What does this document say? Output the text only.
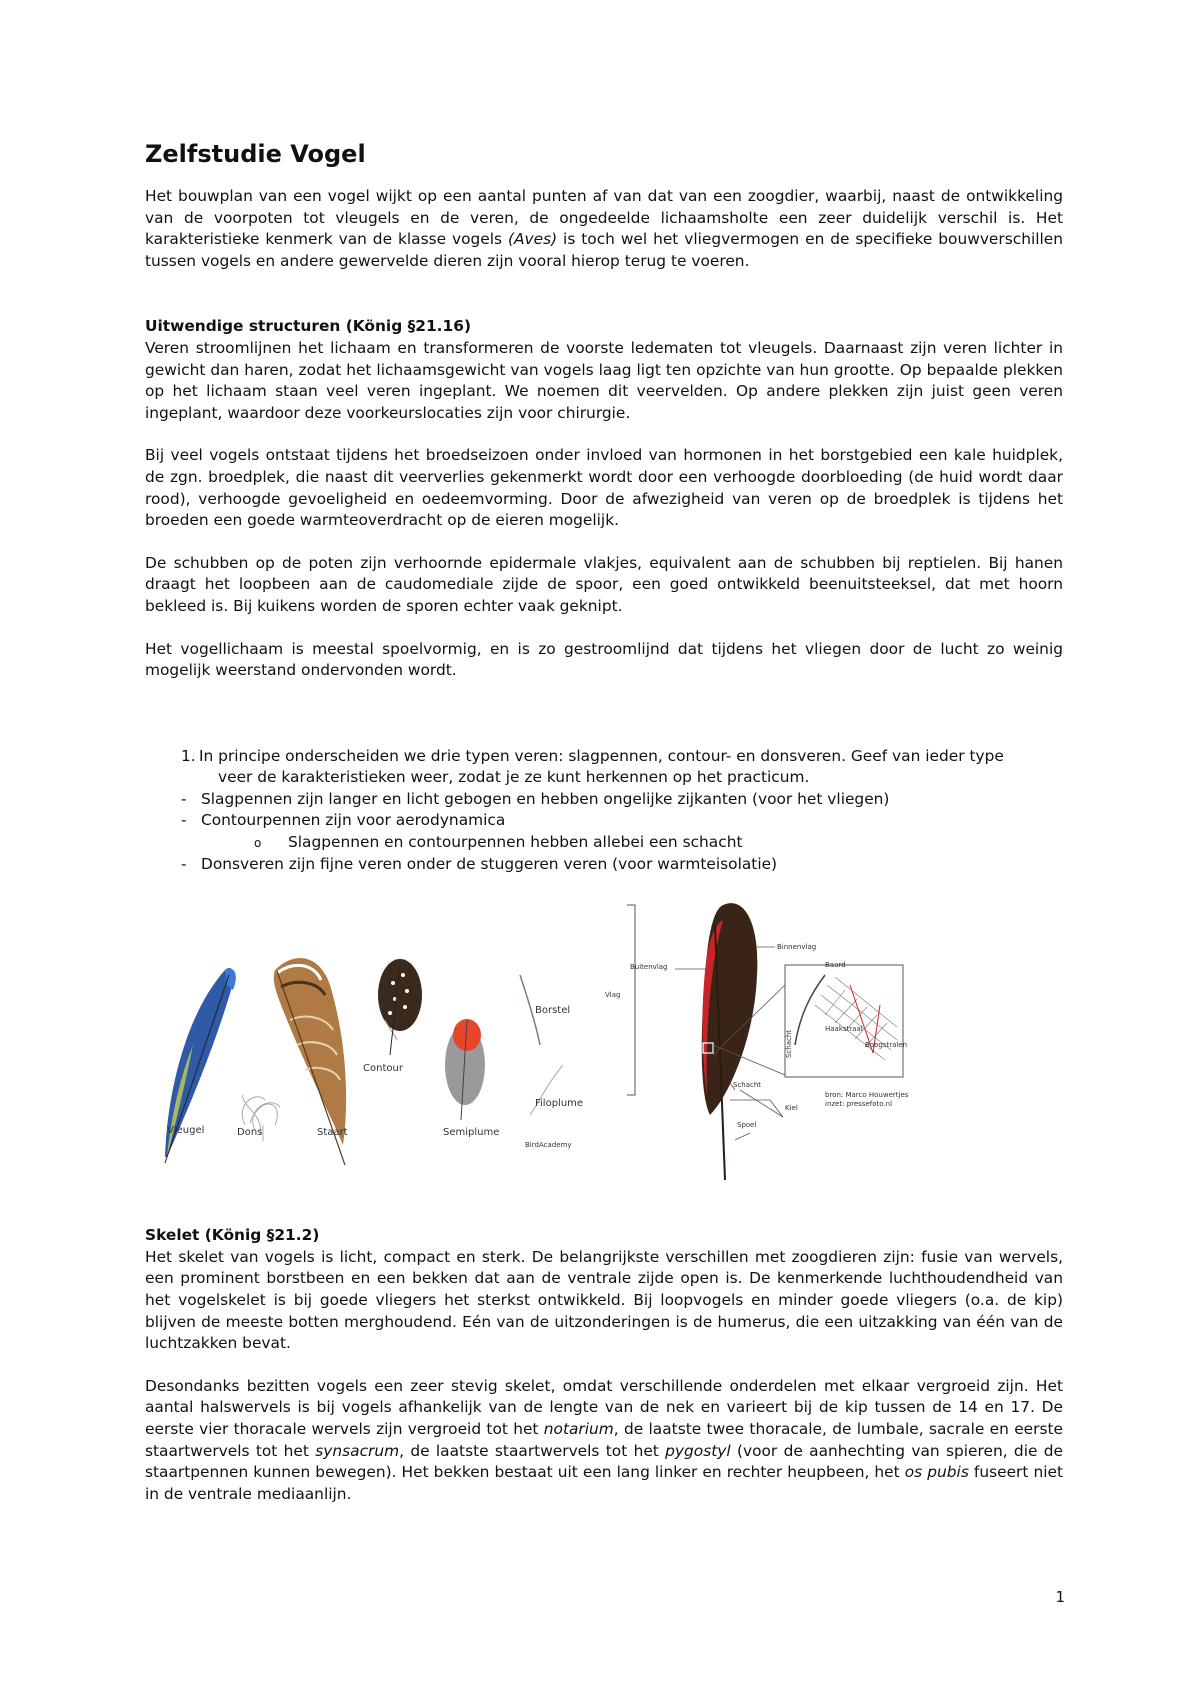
Zelfstudie Vogel

Het bouwplan van een vogel wijkt op een aantal punten af van dat van een zoogdier, waarbij, naast de ontwikkeling van de voorpoten tot vleugels en de veren, de ongedeelde lichaamsholte een zeer duidelijk verschil is. Het karakteristieke kenmerk van de klasse vogels (Aves) is toch wel het vliegvermogen en de specifieke bouwverschillen tussen vogels en andere gewervelde dieren zijn vooral hierop terug te voeren.

Uitwendige structuren (König §21.16)

Veren stroomlijnen het lichaam en transformeren de voorste ledematen tot vleugels. Daarnaast zijn veren lichter in gewicht dan haren, zodat het lichaamsgewicht van vogels laag ligt ten opzichte van hun grootte. Op bepaalde plekken op het lichaam staan veel veren ingeplant. We noemen dit veervelden. Op andere plekken zijn juist geen veren ingeplant, waardoor deze voorkeurslocaties zijn voor chirurgie.

Bij veel vogels ontstaat tijdens het broedseizoen onder invloed van hormonen in het borstgebied een kale huidplek, de zgn. broedplek, die naast dit veerverlies gekenmerkt wordt door een verhoogde doorbloeding (de huid wordt daar rood), verhoogde gevoeligheid en oedeemvorming. Door de afwezigheid van veren op de broedplek is tijdens het broeden een goede warmteoverdracht op de eieren mogelijk.

De schubben op de poten zijn verhoornde epidermale vlakjes, equivalent aan de schubben bij reptielen. Bij hanen draagt het loopbeen aan de caudomediale zijde de spoor, een goed ontwikkeld beenuitsteeksel, dat met hoorn bekleed is. Bij kuikens worden de sporen echter vaak geknipt.

Het vogellichaam is meestal spoelvormig, en is zo gestroomlijnd dat tijdens het vliegen door de lucht zo weinig mogelijk weerstand ondervonden wordt.

1. In principe onderscheiden we drie typen veren: slagpennen, contour- en donsveren. Geef van ieder type
veer de karakteristieken weer, zodat je ze kunt herkennen op het practicum.
- Slagpennen zijn langer en licht gebogen en hebben ongelijke zijkanten (voor het vliegen)
- Contourpennen zijn voor aerodynamica
o Slagpennen en contourpennen hebben allebei een schacht
- Donsveren zijn fijne veren onder de stuggeren veren (voor warmteisolatie)
Vleugel	Dons	Staart
Contour
Semiplume
Borstel
Filoplume
BirdAcademy
Vlag
Buitenvlag
Binnenvlag
Schacht
Kiel
Spoel
Baard
Schacht
Haakstraal
Boogstralen
bron: Marco Houwertjes
inzet: pressefoto.nl
Skelet (König §21.2)

Het skelet van vogels is licht, compact en sterk. De belangrijkste verschillen met zoogdieren zijn: fusie van wervels, een prominent borstbeen en een bekken dat aan de ventrale zijde open is. De kenmerkende luchthoudendheid van het vogelskelet is bij goede vliegers het sterkst ontwikkeld. Bij loopvogels en minder goede vliegers (o.a. de kip) blijven de meeste botten merghoudend. Eén van de uitzonderingen is de humerus, die een uitzakking van één van de luchtzakken bevat.

Desondanks bezitten vogels een zeer stevig skelet, omdat verschillende onderdelen met elkaar vergroeid zijn. Het aantal halswervels is bij vogels afhankelijk van de lengte van de nek en varieert bij de kip tussen de 14 en 17. De eerste vier thoracale wervels zijn vergroeid tot het notarium, de laatste twee thoracale, de lumbale, sacrale en eerste staartwervels tot het synsacrum, de laatste staartwervels tot het pygostyl (voor de aanhechting van spieren, die de staartpennen kunnen bewegen). Het bekken bestaat uit een lang linker en rechter heupbeen, het os pubis fuseert niet in de ventrale mediaanlijn.

1
